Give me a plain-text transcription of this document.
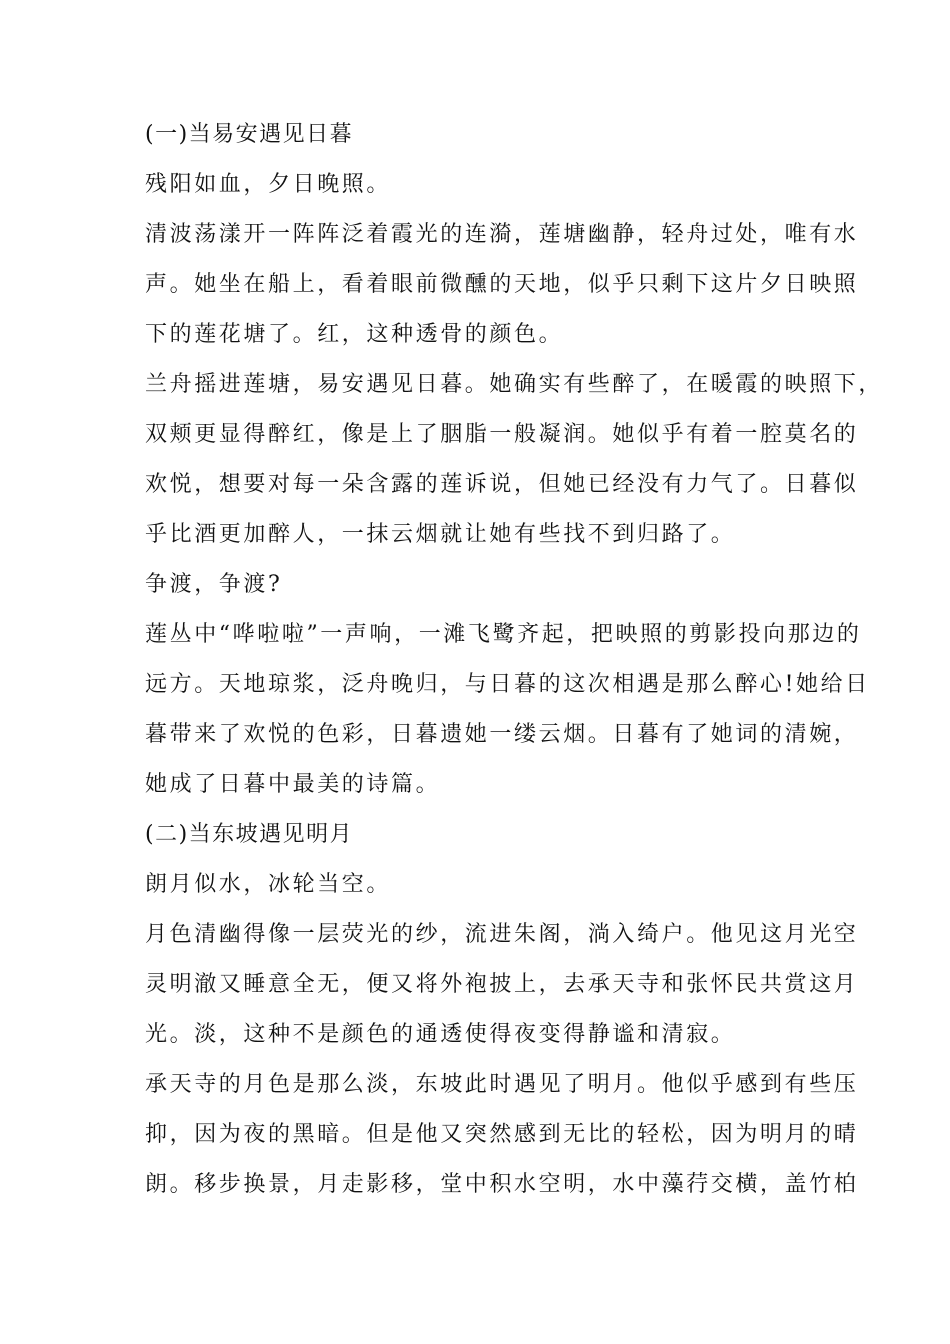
(一)当易安遇见日暮
残阳如血，夕日晚照。
清波荡漾开一阵阵泛着霞光的连漪，莲塘幽静，轻舟过处，唯有水
声。她坐在船上，看着眼前微醺的天地，似乎只剩下这片夕日映照
下的莲花塘了。红，这种透骨的颜色。
兰舟摇进莲塘，易安遇见日暮。她确实有些醉了，在暖霞的映照下，
双颊更显得醉红，像是上了胭脂一般凝润。她似乎有着一腔莫名的
欢悦，想要对每一朵含露的莲诉说，但她已经没有力气了。日暮似
乎比酒更加醉人，一抹云烟就让她有些找不到归路了。
争渡，争渡?
莲丛中“哗啦啦”一声响，一滩飞鹭齐起，把映照的剪影投向那边的
远方。天地琼浆，泛舟晚归，与日暮的这次相遇是那么醉心!她给日
暮带来了欢悦的色彩，日暮遗她一缕云烟。日暮有了她词的清婉，
她成了日暮中最美的诗篇。
(二)当东坡遇见明月
朗月似水，冰轮当空。
月色清幽得像一层荧光的纱，流进朱阁，淌入绮户。他见这月光空
灵明澈又睡意全无，便又将外袍披上，去承天寺和张怀民共赏这月
光。淡，这种不是颜色的通透使得夜变得静谧和清寂。
承天寺的月色是那么淡，东坡此时遇见了明月。他似乎感到有些压
抑，因为夜的黑暗。但是他又突然感到无比的轻松，因为明月的晴
朗。移步换景，月走影移，堂中积水空明，水中藻荇交横，盖竹柏
